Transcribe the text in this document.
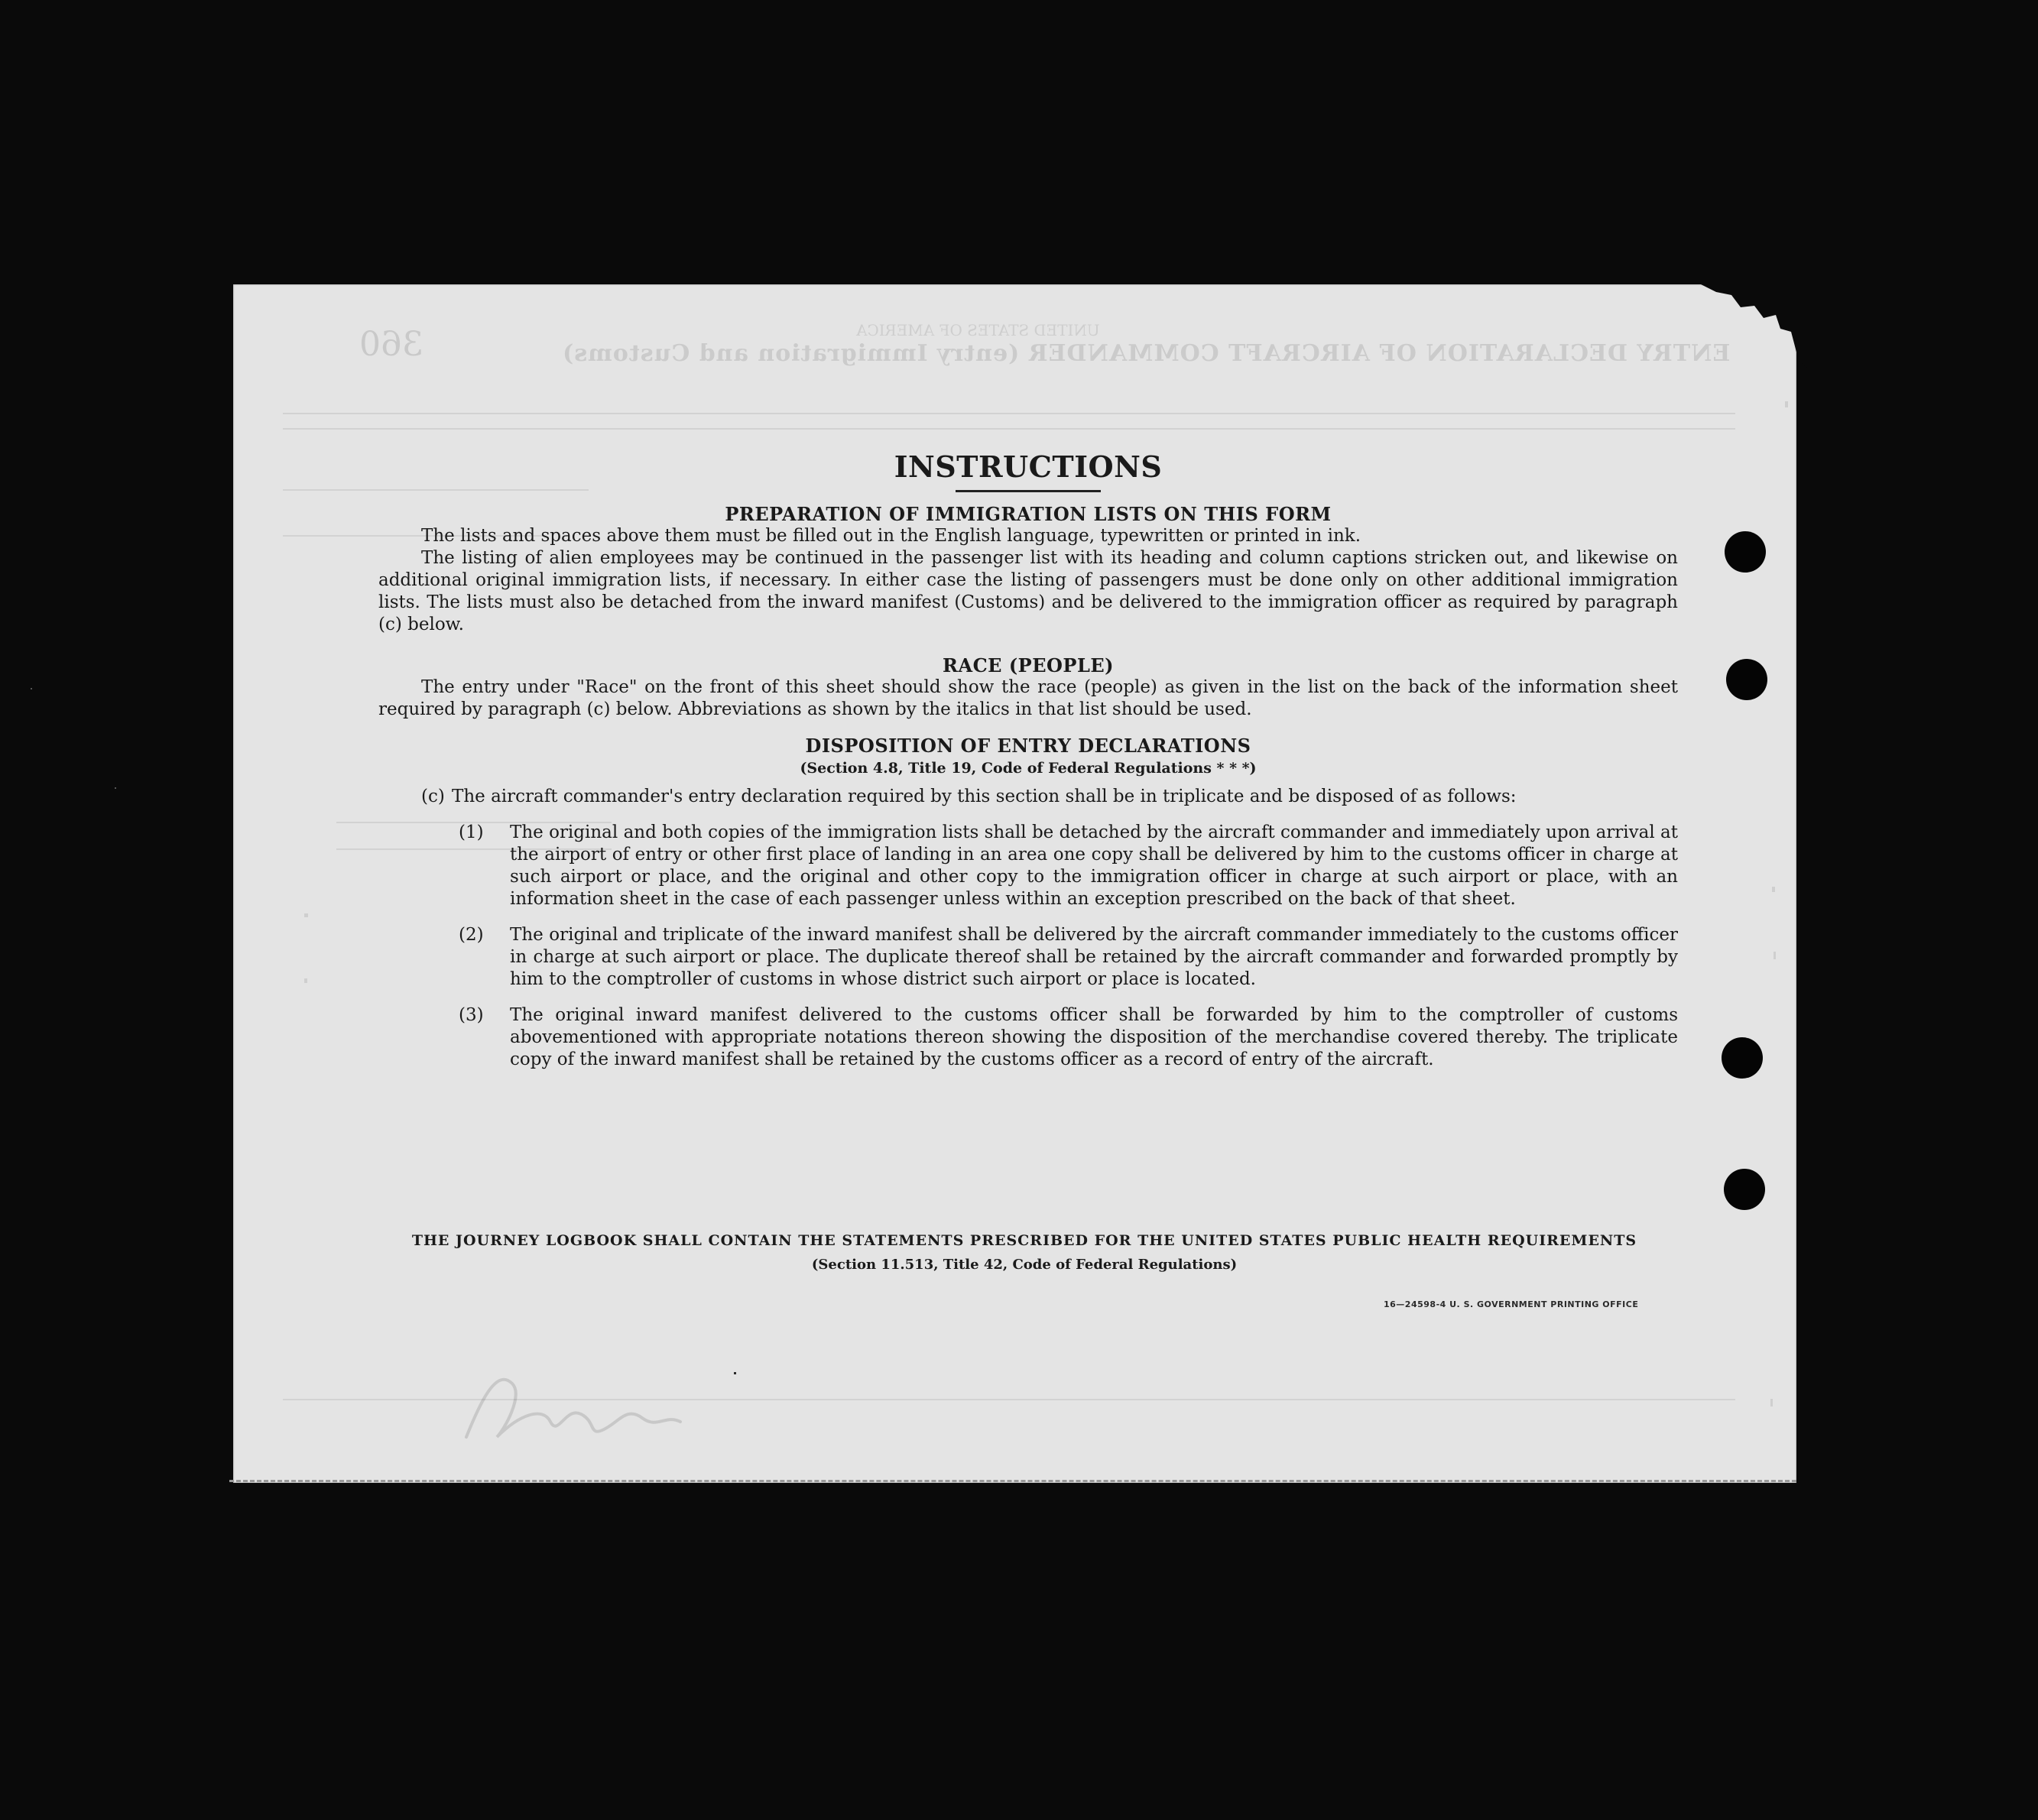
360	UNITED STATES OF AMERICA
ENTRY DECLARATION OF AIRCRAFT COMMANDER (entry Immigration and Customs)
INSTRUCTIONS
PREPARATION OF IMMIGRATION LISTS ON THIS FORM

The lists and spaces above them must be filled out in the English language, typewritten or printed in ink.

The listing of alien employees may be continued in the passenger list with its heading and column captions stricken out, and likewise on additional original immigration lists, if necessary. In either case the listing of passengers must be done only on other additional immigration lists. The lists must also be detached from the inward manifest (Customs) and be delivered to the immigration officer as required by paragraph (c) below.

RACE (PEOPLE)

The entry under "Race" on the front of this sheet should show the race (people) as given in the list on the back of the information sheet required by paragraph (c) below. Abbreviations as shown by the italics in that list should be used.

DISPOSITION OF ENTRY DECLARATIONS
(Section 4.8, Title 19, Code of Federal Regulations * * *)
(c) The aircraft commander's entry declaration required by this section shall be in triplicate and be disposed of as follows:
(1) The original and both copies of the immigration lists shall be detached by the aircraft commander and immediately upon arrival at the airport of entry or other first place of landing in an area one copy shall be delivered by him to the customs officer in charge at such airport or place, and the original and other copy to the immigration officer in charge at such airport or place, with an information sheet in the case of each passenger unless within an exception prescribed on the back of that sheet.
(2) The original and triplicate of the inward manifest shall be delivered by the aircraft commander immediately to the customs officer in charge at such airport or place. The duplicate thereof shall be retained by the aircraft commander and forwarded promptly by him to the comptroller of customs in whose district such airport or place is located.
(3) The original inward manifest delivered to the customs officer shall be forwarded by him to the comptroller of customs abovementioned with appropriate notations thereon showing the disposition of the merchandise covered thereby. The triplicate copy of the inward manifest shall be retained by the customs officer as a record of entry of the aircraft.
THE JOURNEY LOGBOOK SHALL CONTAIN THE STATEMENTS PRESCRIBED FOR THE UNITED STATES PUBLIC HEALTH REQUIREMENTS
(Section 11.513, Title 42, Code of Federal Regulations)
16—24598-4 U. S. GOVERNMENT PRINTING OFFICE
